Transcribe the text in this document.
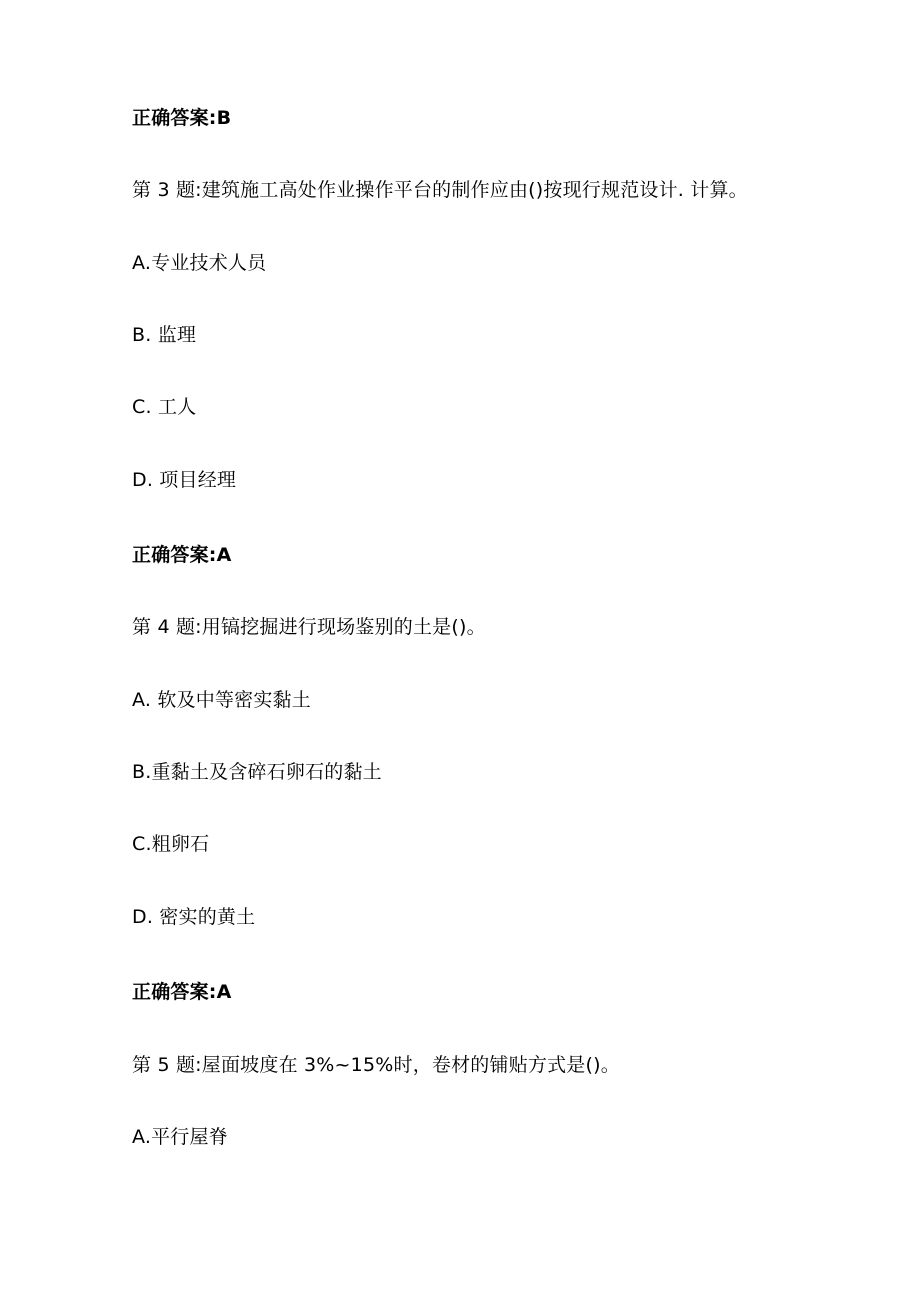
正确答案:B
第 3 题:建筑施工高处作业操作平台的制作应由()按现行规范设计. 计算。
A.专业技术人员
B. 监理
C. 工人
D. 项目经理
正确答案:A
第 4 题:用镐挖掘进行现场鉴别的土是()。
A. 软及中等密实黏土
B.重黏土及含碎石卵石的黏土
C.粗卵石
D. 密实的黄土
正确答案:A
第 5 题:屋面坡度在 3%~15%时，卷材的铺贴方式是()。
A.平行屋脊
